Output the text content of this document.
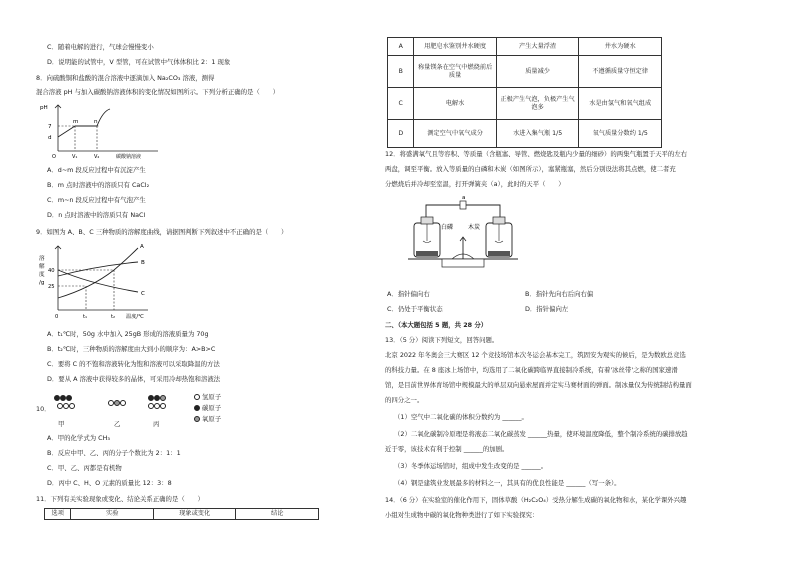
C．随着电解的进行，气球会慢慢变小
D．说明能的试管中，V 型管，可在试管中气体体积比 2：1 现象
8．向硫酸铜和盐酸的混合溶液中逐滴加入 Na₂CO₃ 溶液，测得
混合溶液 pH 与加入碳酸钠溶液体积的变化情况如图所示。下列分析正确的是（　　）
pH
7
d
m	n
O	V₁	V₂	碳酸钠溶液
A．d~m 段反应过程中有沉淀产生
B．m 点时溶液中的溶质只有 CaCl₂
C．m~n 段反应过程中有气泡产生
D．n 点时溶液中的溶质只有 NaCl
9．如图为 A、B、C 三种物质的溶解度曲线，请据图判断下列叙述中不正确的是（　　）
溶
解
度
/g
40
25
0	t₁	t₂ 温度/℃
A
B
C
A．t₁℃时，50g 水中加入 25gB 形成的溶液质量为 70g
B．t₂℃时，三种物质的溶解度由大到小的顺序为：A>B>C
C．要将 C 的不饱和溶液转化为饱和溶液可以采取降温的方法
D．要从 A 溶液中获得较多的晶体，可采用冷却热饱和溶液法
10．

氢原子
碳原子
氧原子
甲	乙	丙
A．甲的化学式为 CH₃
B．反应中甲、乙、丙的分子个数比为 2：1：1
C．甲、乙、丙都是有机物
D．丙中 C、H、O 元素的质量比 12：3：8
11．下列有关实验现象或变化、结论关系正确的是（　　）
选项	实验	现象或变化	结论
A	用肥皂水鉴别井水硬度	产生大量浮渣	井水为硬水
B	称量镁条在空气中燃烧前后质量	质量减少	不遵循质量守恒定律
C	电解水	正极产生气泡，负极产生气泡多	水是由氢气和氧气组成
D	测定空气中氧气成分	水进入集气瓶 1/5	氧气质量分数约 1/5
12．将盛满氧气且等容积、等质量（含瓶塞、导管、燃烧匙及瓶内少量的细砂）的两集气瓶置于天平的左右
两盘，调至平衡。放入等质量的白磷和木炭（如图所示），塞紧瓶塞，然后分别设法将其点燃，使二者充
分燃烧后并冷却至室温，打开弹簧夹（a），此时的天平（　　）
a
白磷 木炭
A．指针偏向右	B．指针先向右后向右偏
C．仍处于平衡状态	D．指针偏向左
二、（本大题包括 5 题，共 28 分）
13．（5 分）阅读下列短文，回答问题。
北京 2022 年冬奥会三大赛区 12 个竞技场馆本次冬运会基本完工，筑固安为观实的候后，是为数欧总竞选
的科技力量。在 8 座冰上场馆中，均选用了二氧化碳跨临界直接制冷系统，有着'冰丝带'之称的国家速滑
馆，是目前世界体育场馆中规模最大的单层双向悬索屋面并定实马赛材面的弹面。制冰量仅为传统制结构量面
的四分之一。
（1）空气中二氧化碳的体积分数约为 ______。
（2）二氧化碳制冷原理是将液态二氧化碳蒸发 ______热量，使环境温度降低，整个制冷系统的碳排放趋
近于零，该技术有利于控制 ______的加剧。
（3）冬季体运场馆时，组成中发生改变的是 ______。
（4）钢是建筑业发展最多的材料之一，其具有的优良性能是 ______（写一条）。
14．（6 分）在实验室的催化作用下，固体草酸（H₂C₂O₄）受热分解生成碳的氧化物和水，某化学课外兴趣
小组对生成物中碳的氧化物种类进行了如下实验探究：
